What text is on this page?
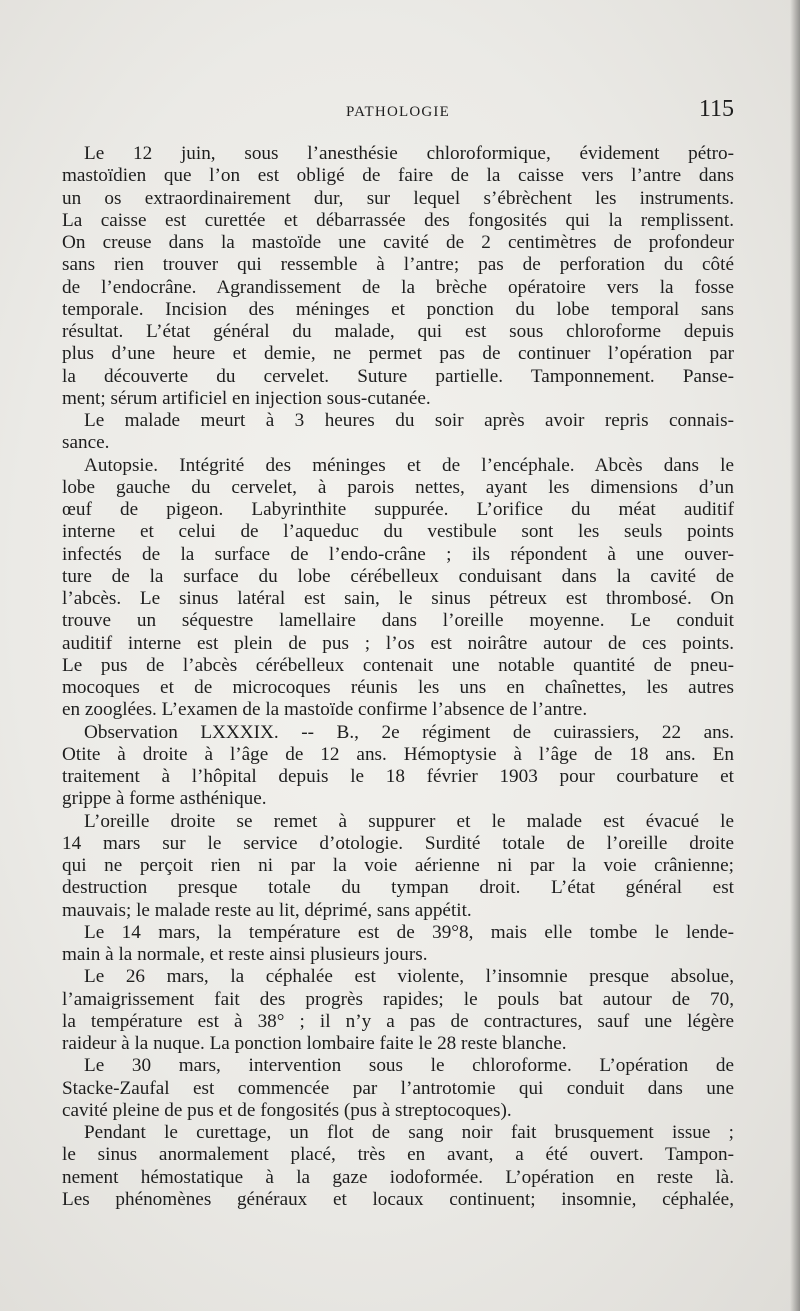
PATHOLOGIE	115
Le 12 juin, sous l’anesthésie chloroformique, évidement pétro-
mastoïdien que l’on est obligé de faire de la caisse vers l’antre dans
un os extraordinairement dur, sur lequel s’ébrèchent les instruments.
La caisse est curettée et débarrassée des fongosités qui la remplissent.
On creuse dans la mastoïde une cavité de 2 centimètres de profondeur
sans rien trouver qui ressemble à l’antre; pas de perforation du côté
de l’endocrâne. Agrandissement de la brèche opératoire vers la fosse
temporale. Incision des méninges et ponction du lobe temporal sans
résultat. L’état général du malade, qui est sous chloroforme depuis
plus d’une heure et demie, ne permet pas de continuer l’opération par
la découverte du cervelet. Suture partielle. Tamponnement. Panse-
ment; sérum artificiel en injection sous-cutanée.
Le malade meurt à 3 heures du soir après avoir repris connais-
sance.
Autopsie. Intégrité des méninges et de l’encéphale. Abcès dans le
lobe gauche du cervelet, à parois nettes, ayant les dimensions d’un
œuf de pigeon. Labyrinthite suppurée. L’orifice du méat auditif
interne et celui de l’aqueduc du vestibule sont les seuls points
infectés de la surface de l’endo-crâne ; ils répondent à une ouver-
ture de la surface du lobe cérébelleux conduisant dans la cavité de
l’abcès. Le sinus latéral est sain, le sinus pétreux est thrombosé. On
trouve un séquestre lamellaire dans l’oreille moyenne. Le conduit
auditif interne est plein de pus ; l’os est noirâtre autour de ces points.
Le pus de l’abcès cérébelleux contenait une notable quantité de pneu-
mocoques et de microcoques réunis les uns en chaînettes, les autres
en zooglées. L’examen de la mastoïde confirme l’absence de l’antre.
Observation LXXXIX. -- B., 2e régiment de cuirassiers, 22 ans.
Otite à droite à l’âge de 12 ans. Hémoptysie à l’âge de 18 ans. En
traitement à l’hôpital depuis le 18 février 1903 pour courbature et
grippe à forme asthénique.
L’oreille droite se remet à suppurer et le malade est évacué le
14 mars sur le service d’otologie. Surdité totale de l’oreille droite
qui ne perçoit rien ni par la voie aérienne ni par la voie crânienne;
destruction presque totale du tympan droit. L’état général est
mauvais; le malade reste au lit, déprimé, sans appétit.
Le 14 mars, la température est de 39°8, mais elle tombe le lende-
main à la normale, et reste ainsi plusieurs jours.
Le 26 mars, la céphalée est violente, l’insomnie presque absolue,
l’amaigrissement fait des progrès rapides; le pouls bat autour de 70,
la température est à 38° ; il n’y a pas de contractures, sauf une légère
raideur à la nuque. La ponction lombaire faite le 28 reste blanche.
Le 30 mars, intervention sous le chloroforme. L’opération de
Stacke-Zaufal est commencée par l’antrotomie qui conduit dans une
cavité pleine de pus et de fongosités (pus à streptocoques).
Pendant le curettage, un flot de sang noir fait brusquement issue ;
le sinus anormalement placé, très en avant, a été ouvert. Tampon-
nement hémostatique à la gaze iodoformée. L’opération en reste là.
Les phénomènes généraux et locaux continuent; insomnie, céphalée,
